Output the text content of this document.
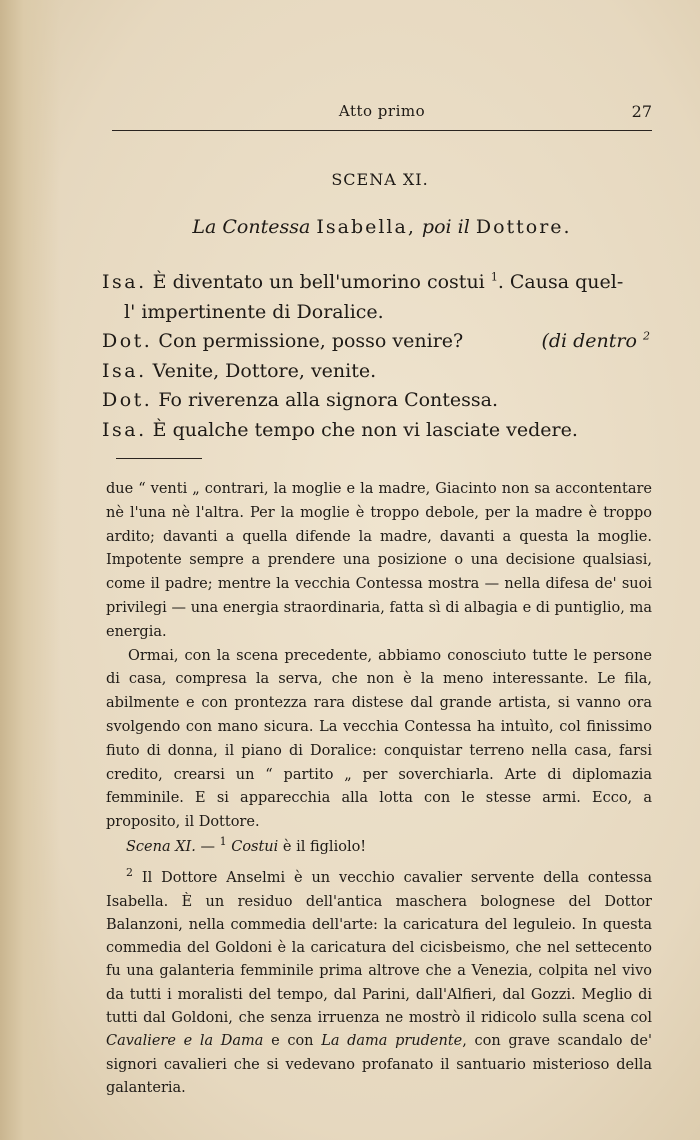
Atto primo	27
SCENA XI.
La Contessa Isabella, poi il Dottore.
Isa. È diventato un bell'umorino costui $^1$. Causa quel-
l' impertinente di Doralice.
Dot. Con permissione, posso venire?	(di dentro $^2$
Isa. Venite, Dottore, venite.
Dot. Fo riverenza alla signora Contessa.
Isa. È qualche tempo che non vi lasciate vedere.

due “ venti „ contrari, la moglie e la madre, Giacinto non sa accontentare nè l'una nè l'altra. Per la moglie è troppo debole, per la madre è troppo ardito; davanti a quella difende la madre, davanti a questa la moglie. Impotente sempre a prendere una posizione o una decisione qualsiasi, come il padre; mentre la vecchia Contessa mostra — nella difesa de' suoi privilegi — una energia straordinaria, fatta sì di albagia e di puntiglio, ma energia.

Ormai, con la scena precedente, abbiamo conosciuto tutte le persone di casa, compresa la serva, che non è la meno interessante. Le fila, abilmente e con prontezza rara distese dal grande artista, si vanno ora svolgendo con mano sicura. La vecchia Contessa ha intuìto, col finissimo fiuto di donna, il piano di Doralice: conquistar terreno nella casa, farsi credito, crearsi un “ partito „ per soverchiarla. Arte di diplomazia femminile. E si apparecchia alla lotta con le stesse armi. Ecco, a proposito, il Dottore.

Scena XI. — $^1$ Costui è il figliolo!

$^2$ Il Dottore Anselmi è un vecchio cavalier servente della contessa Isabella. È un residuo dell'antica maschera bolognese del Dottor Balanzoni, nella commedia dell'arte: la caricatura del leguleio. In questa commedia del Goldoni è la caricatura del cicisbeismo, che nel settecento fu una galanteria femminile prima altrove che a Venezia, colpita nel vivo da tutti i moralisti del tempo, dal Parini, dall'Alfieri, dal Gozzi. Meglio di tutti dal Goldoni, che senza irruenza ne mostrò il ridicolo sulla scena col Cavaliere e la Dama e con La dama prudente, con grave scandalo de' signori cavalieri che si vedevano profanato il santuario misterioso della galanteria.
